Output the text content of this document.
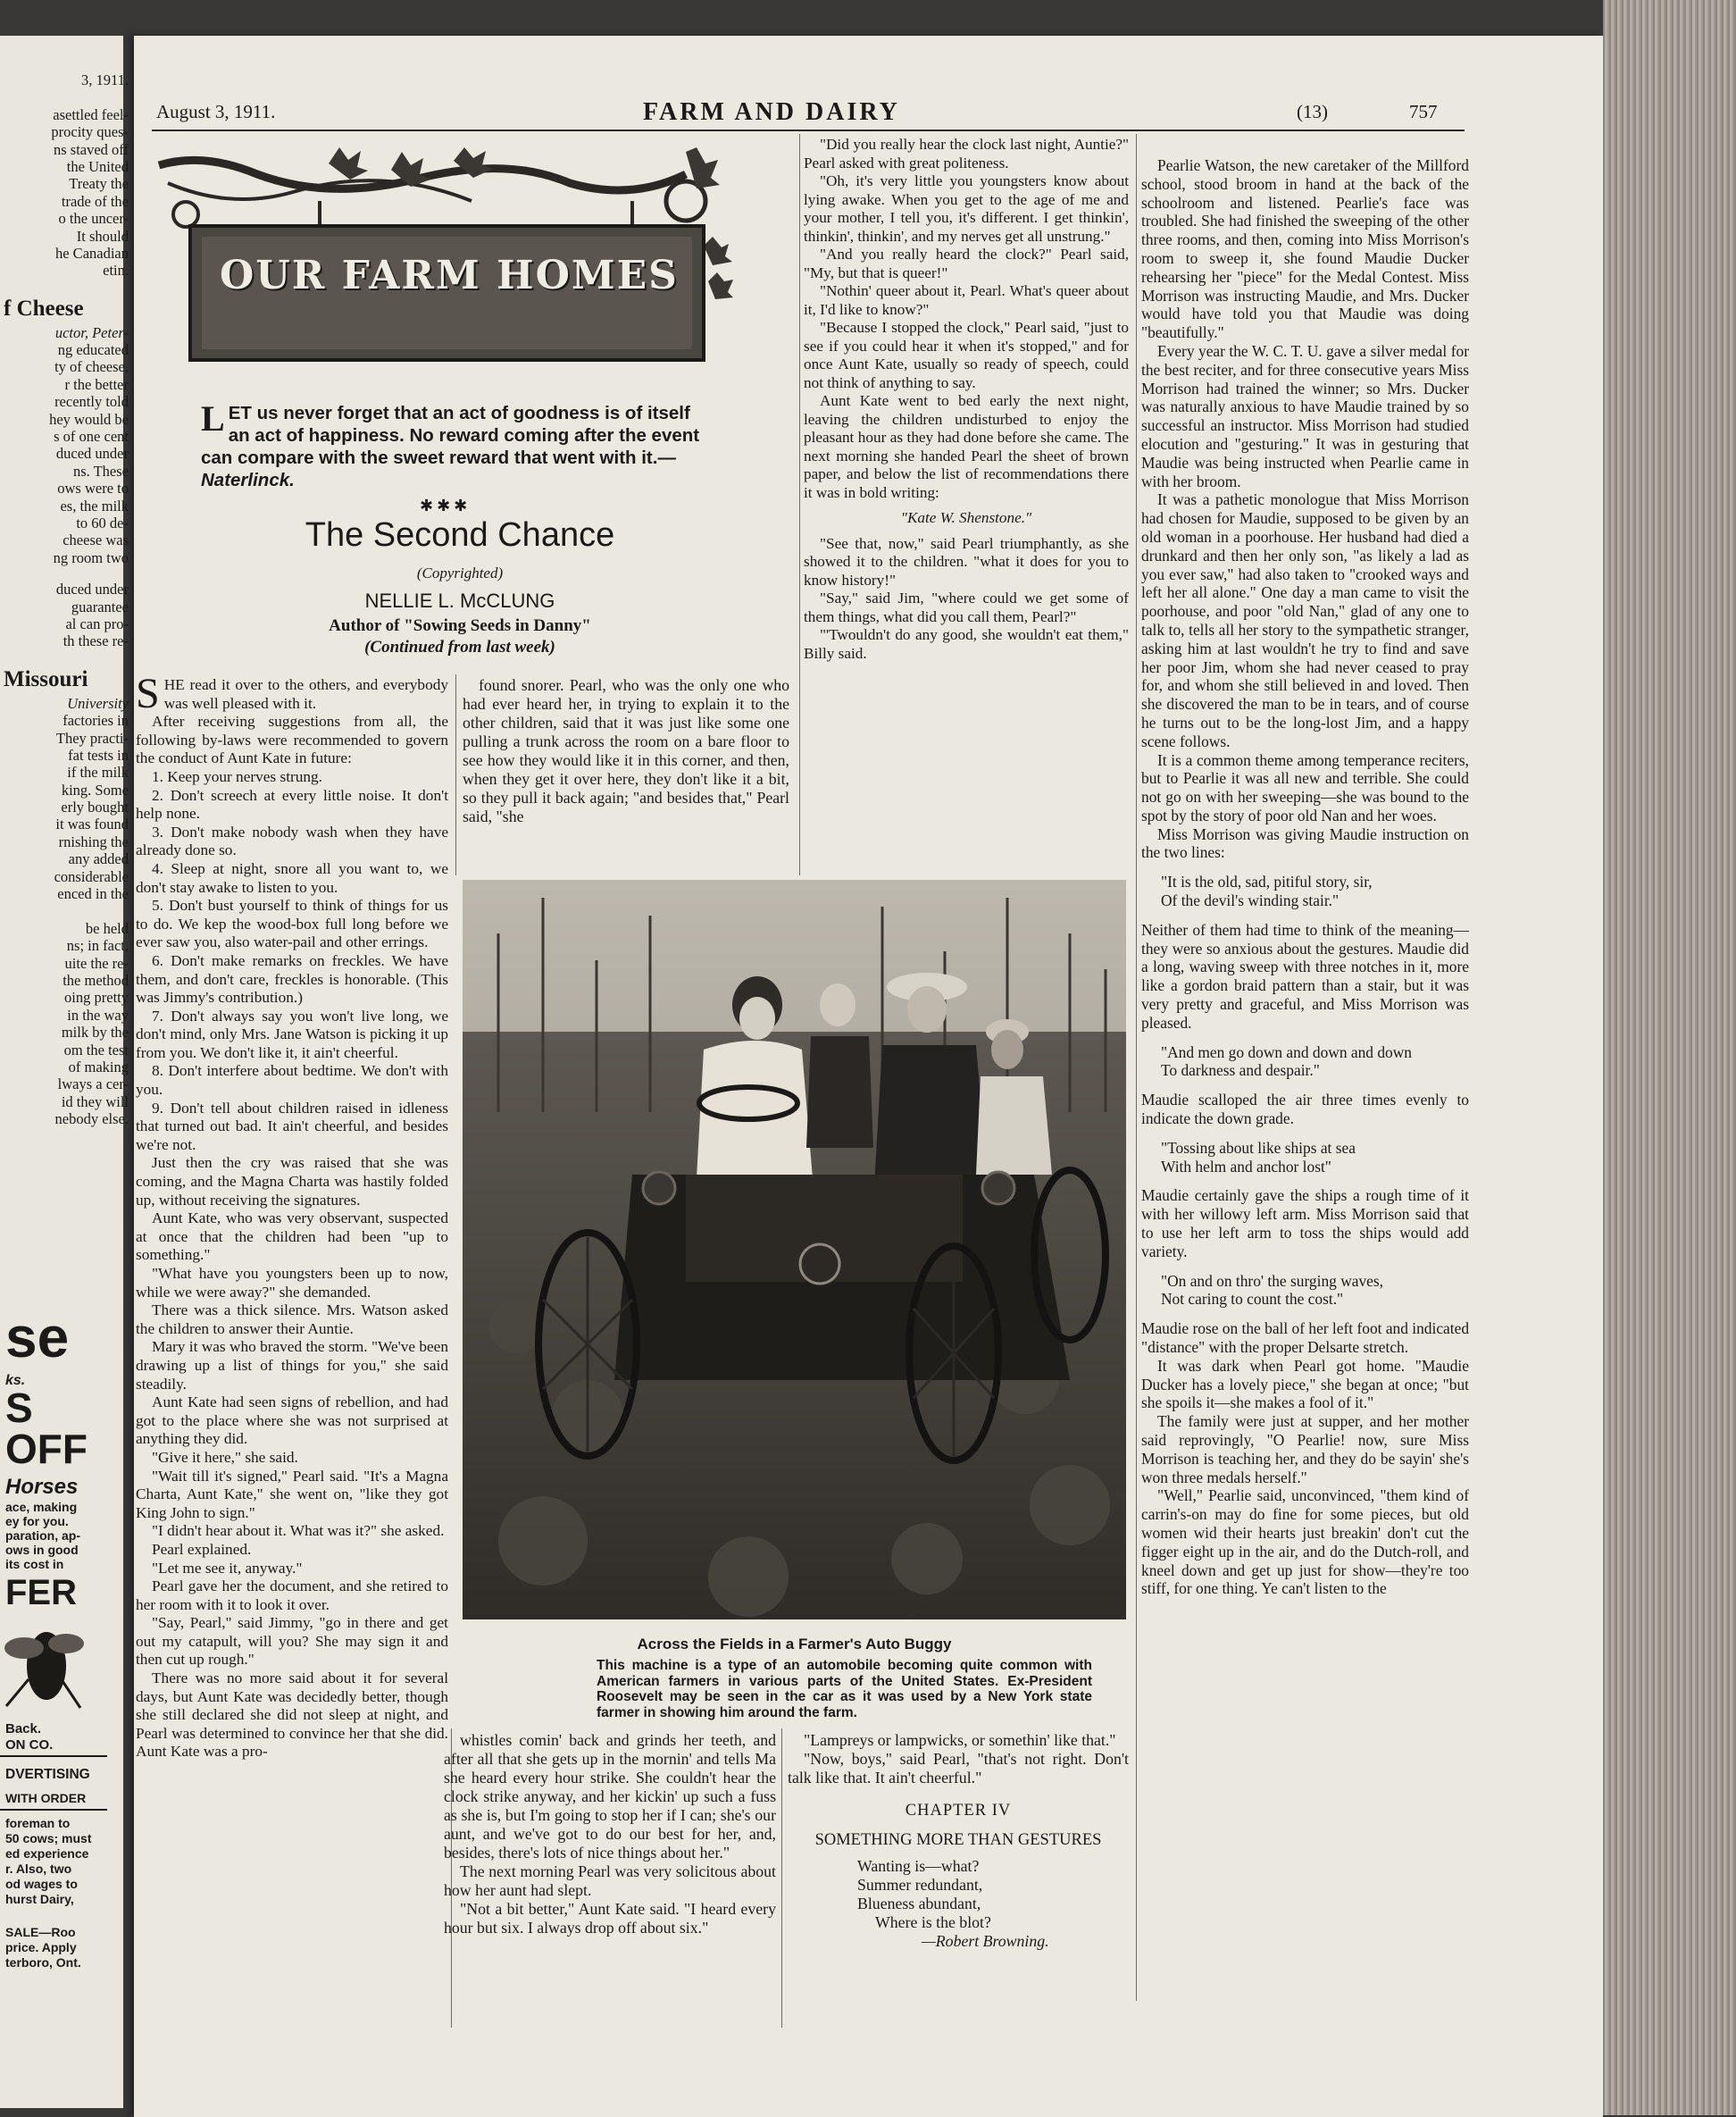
3, 1911.
asettled feel-
procity ques-
ns staved off
the United
Treaty the
trade of the
o the uncer-
It should
he Canadian
etin.
f Cheese
uctor, Peter-
ng educated
ty of cheese,
r the better
recently told
hey would be
s of one cent
duced under
ns. These
ows were to
es, the milk
to 60 de-
cheese was
ng room two
duced under
guarantee
al can pro-
th these re-
Missouri
University
factories in
They practi-
fat tests in
if the milk
king. Some
erly bought
it was found
rnishing the
any added
considerable
enced in the
be held
ns; in fact,
uite the re-
the method
oing pretty
in the way
milk by the
om the test
of making
lways a cer-
id they will
nebody else.
se
ks.
S
OFF
Horses
ace, making
ey for you.
paration, ap-
ows in good
its cost in
FER
Back.
ON CO.
DVERTISING
WITH ORDER
foreman to
50 cows; must
ed experience
r. Also, two
od wages to
hurst Dairy,
SALE—Roo
price. Apply
terboro, Ont.
August 3, 1911.	FARM AND DAIRY	(13)	757
OUR FARM HOMES
LET us never forget that an act of goodness is of itself an act of happiness. No reward coming after the event can compare with the sweet reward that went with it.—Naterlinck.
✱✱✱
The Second Chance
(Copyrighted)
NELLIE L. McCLUNG
Author of "Sowing Seeds in Danny"
(Continued from last week)

SHE read it over to the others, and everybody was well pleased with it.

After receiving suggestions from all, the following by-laws were recommended to govern the conduct of Aunt Kate in future:

1. Keep your nerves strung.

2. Don't screech at every little noise. It don't help none.

3. Don't make nobody wash when they have already done so.

4. Sleep at night, snore all you want to, we don't stay awake to listen to you.

5. Don't bust yourself to think of things for us to do. We kep the wood-box full long before we ever saw you, also water-pail and other errings.

6. Don't make remarks on freckles. We have them, and don't care, freckles is honorable. (This was Jimmy's contribution.)

7. Don't always say you won't live long, we don't mind, only Mrs. Jane Watson is picking it up from you. We don't like it, it ain't cheerful.

8. Don't interfere about bedtime. We don't with you.

9. Don't tell about children raised in idleness that turned out bad. It ain't cheerful, and besides we're not.

Just then the cry was raised that she was coming, and the Magna Charta was hastily folded up, without receiving the signatures.

Aunt Kate, who was very observant, suspected at once that the children had been "up to something."

"What have you youngsters been up to now, while we were away?" she demanded.

There was a thick silence. Mrs. Watson asked the children to answer their Auntie.

Mary it was who braved the storm. "We've been drawing up a list of things for you," she said steadily.

Aunt Kate had seen signs of rebellion, and had got to the place where she was not surprised at anything they did.

"Give it here," she said.

"Wait till it's signed," Pearl said. "It's a Magna Charta, Aunt Kate," she went on, "like they got King John to sign."

"I didn't hear about it. What was it?" she asked.

Pearl explained.

"Let me see it, anyway."

Pearl gave her the document, and she retired to her room with it to look it over.

"Say, Pearl," said Jimmy, "go in there and get out my catapult, will you? She may sign it and then cut up rough."

There was no more said about it for several days, but Aunt Kate was decidedly better, though she still declared she did not sleep at night, and Pearl was determined to convince her that she did. Aunt Kate was a pro-

found snorer. Pearl, who was the only one who had ever heard her, in trying to explain it to the other children, said that it was just like some one pulling a trunk across the room on a bare floor to see how they would like it in this corner, and then, when they get it over here, they don't like it a bit, so they pull it back again; "and besides that," Pearl said, "she

"Did you really hear the clock last night, Auntie?" Pearl asked with great politeness.

"Oh, it's very little you youngsters know about lying awake. When you get to the age of me and your mother, I tell you, it's different. I get thinkin', thinkin', thinkin', and my nerves get all unstrung."

"And you really heard the clock?" Pearl said, "My, but that is queer!"

"Nothin' queer about it, Pearl. What's queer about it, I'd like to know?"

"Because I stopped the clock," Pearl said, "just to see if you could hear it when it's stopped," and for once Aunt Kate, usually so ready of speech, could not think of anything to say.

Aunt Kate went to bed early the next night, leaving the children undisturbed to enjoy the pleasant hour as they had done before she came. The next morning she handed Pearl the sheet of brown paper, and below the list of recommendations there it was in bold writing:

"Kate W. Shenstone."

"See that, now," said Pearl triumphantly, as she showed it to the children. "what it does for you to know history!"

"Say," said Jim, "where could we get some of them things, what did you call them, Pearl?"

"'Twouldn't do any good, she wouldn't eat them," Billy said.

Across the Fields in a Farmer's Auto Buggy
This machine is a type of an automobile becoming quite common with American farmers in various parts of the United States. Ex-President Roosevelt may be seen in the car as it was used by a New York state farmer in showing him around the farm.

whistles comin' back and grinds her teeth, and after all that she gets up in the mornin' and tells Ma she heard every hour strike. She couldn't hear the clock strike anyway, and her kickin' up such a fuss as she is, but I'm going to stop her if I can; she's our aunt, and we've got to do our best for her, and, besides, there's lots of nice things about her."

The next morning Pearl was very solicitous about how her aunt had slept.

"Not a bit better," Aunt Kate said. "I heard every hour but six. I always drop off about six."

"Lampreys or lampwicks, or somethin' like that."

"Now, boys," said Pearl, "that's not right. Don't talk like that. It ain't cheerful."

CHAPTER IV

SOMETHING MORE THAN GESTURES

Wanting is—what?

Summer redundant,

Blueness abundant,

Where is the blot?

—Robert Browning.

Pearlie Watson, the new caretaker of the Millford school, stood broom in hand at the back of the schoolroom and listened. Pearlie's face was troubled. She had finished the sweeping of the other three rooms, and then, coming into Miss Morrison's room to sweep it, she found Maudie Ducker rehearsing her "piece" for the Medal Contest. Miss Morrison was instructing Maudie, and Mrs. Ducker would have told you that Maudie was doing "beautifully."

Every year the W. C. T. U. gave a silver medal for the best reciter, and for three consecutive years Miss Morrison had trained the winner; so Mrs. Ducker was naturally anxious to have Maudie trained by so successful an instructor. Miss Morrison had studied elocution and "gesturing." It was in gesturing that Maudie was being instructed when Pearlie came in with her broom.

It was a pathetic monologue that Miss Morrison had chosen for Maudie, supposed to be given by an old woman in a poorhouse. Her husband had died a drunkard and then her only son, "as likely a lad as you ever saw," had also taken to "crooked ways and left her all alone." One day a man came to visit the poorhouse, and poor "old Nan," glad of any one to talk to, tells all her story to the sympathetic stranger, asking him at last wouldn't he try to find and save her poor Jim, whom she had never ceased to pray for, and whom she still believed in and loved. Then she discovered the man to be in tears, and of course he turns out to be the long-lost Jim, and a happy scene follows.

It is a common theme among temperance reciters, but to Pearlie it was all new and terrible. She could not go on with her sweeping—she was bound to the spot by the story of poor old Nan and her woes.

Miss Morrison was giving Maudie instruction on the two lines:

"It is the old, sad, pitiful story, sir,

Of the devil's winding stair."

Neither of them had time to think of the meaning—they were so anxious about the gestures. Maudie did a long, waving sweep with three notches in it, more like a gordon braid pattern than a stair, but it was very pretty and graceful, and Miss Morrison was pleased.

"And men go down and down and down

To darkness and despair."

Maudie scalloped the air three times evenly to indicate the down grade.

"Tossing about like ships at sea

With helm and anchor lost"

Maudie certainly gave the ships a rough time of it with her willowy left arm. Miss Morrison said that to use her left arm to toss the ships would add variety.

"On and on thro' the surging waves,

Not caring to count the cost."

Maudie rose on the ball of her left foot and indicated "distance" with the proper Delsarte stretch.

It was dark when Pearl got home. "Maudie Ducker has a lovely piece," she began at once; "but she spoils it—she makes a fool of it."

The family were just at supper, and her mother said reprovingly, "O Pearlie! now, sure Miss Morrison is teaching her, and they do be sayin' she's won three medals herself."

"Well," Pearlie said, unconvinced, "them kind of carrin's-on may do fine for some pieces, but old women wid their hearts just breakin' don't cut the figger eight up in the air, and do the Dutch-roll, and kneel down and get up just for show—they're too stiff, for one thing. Ye can't listen to the
